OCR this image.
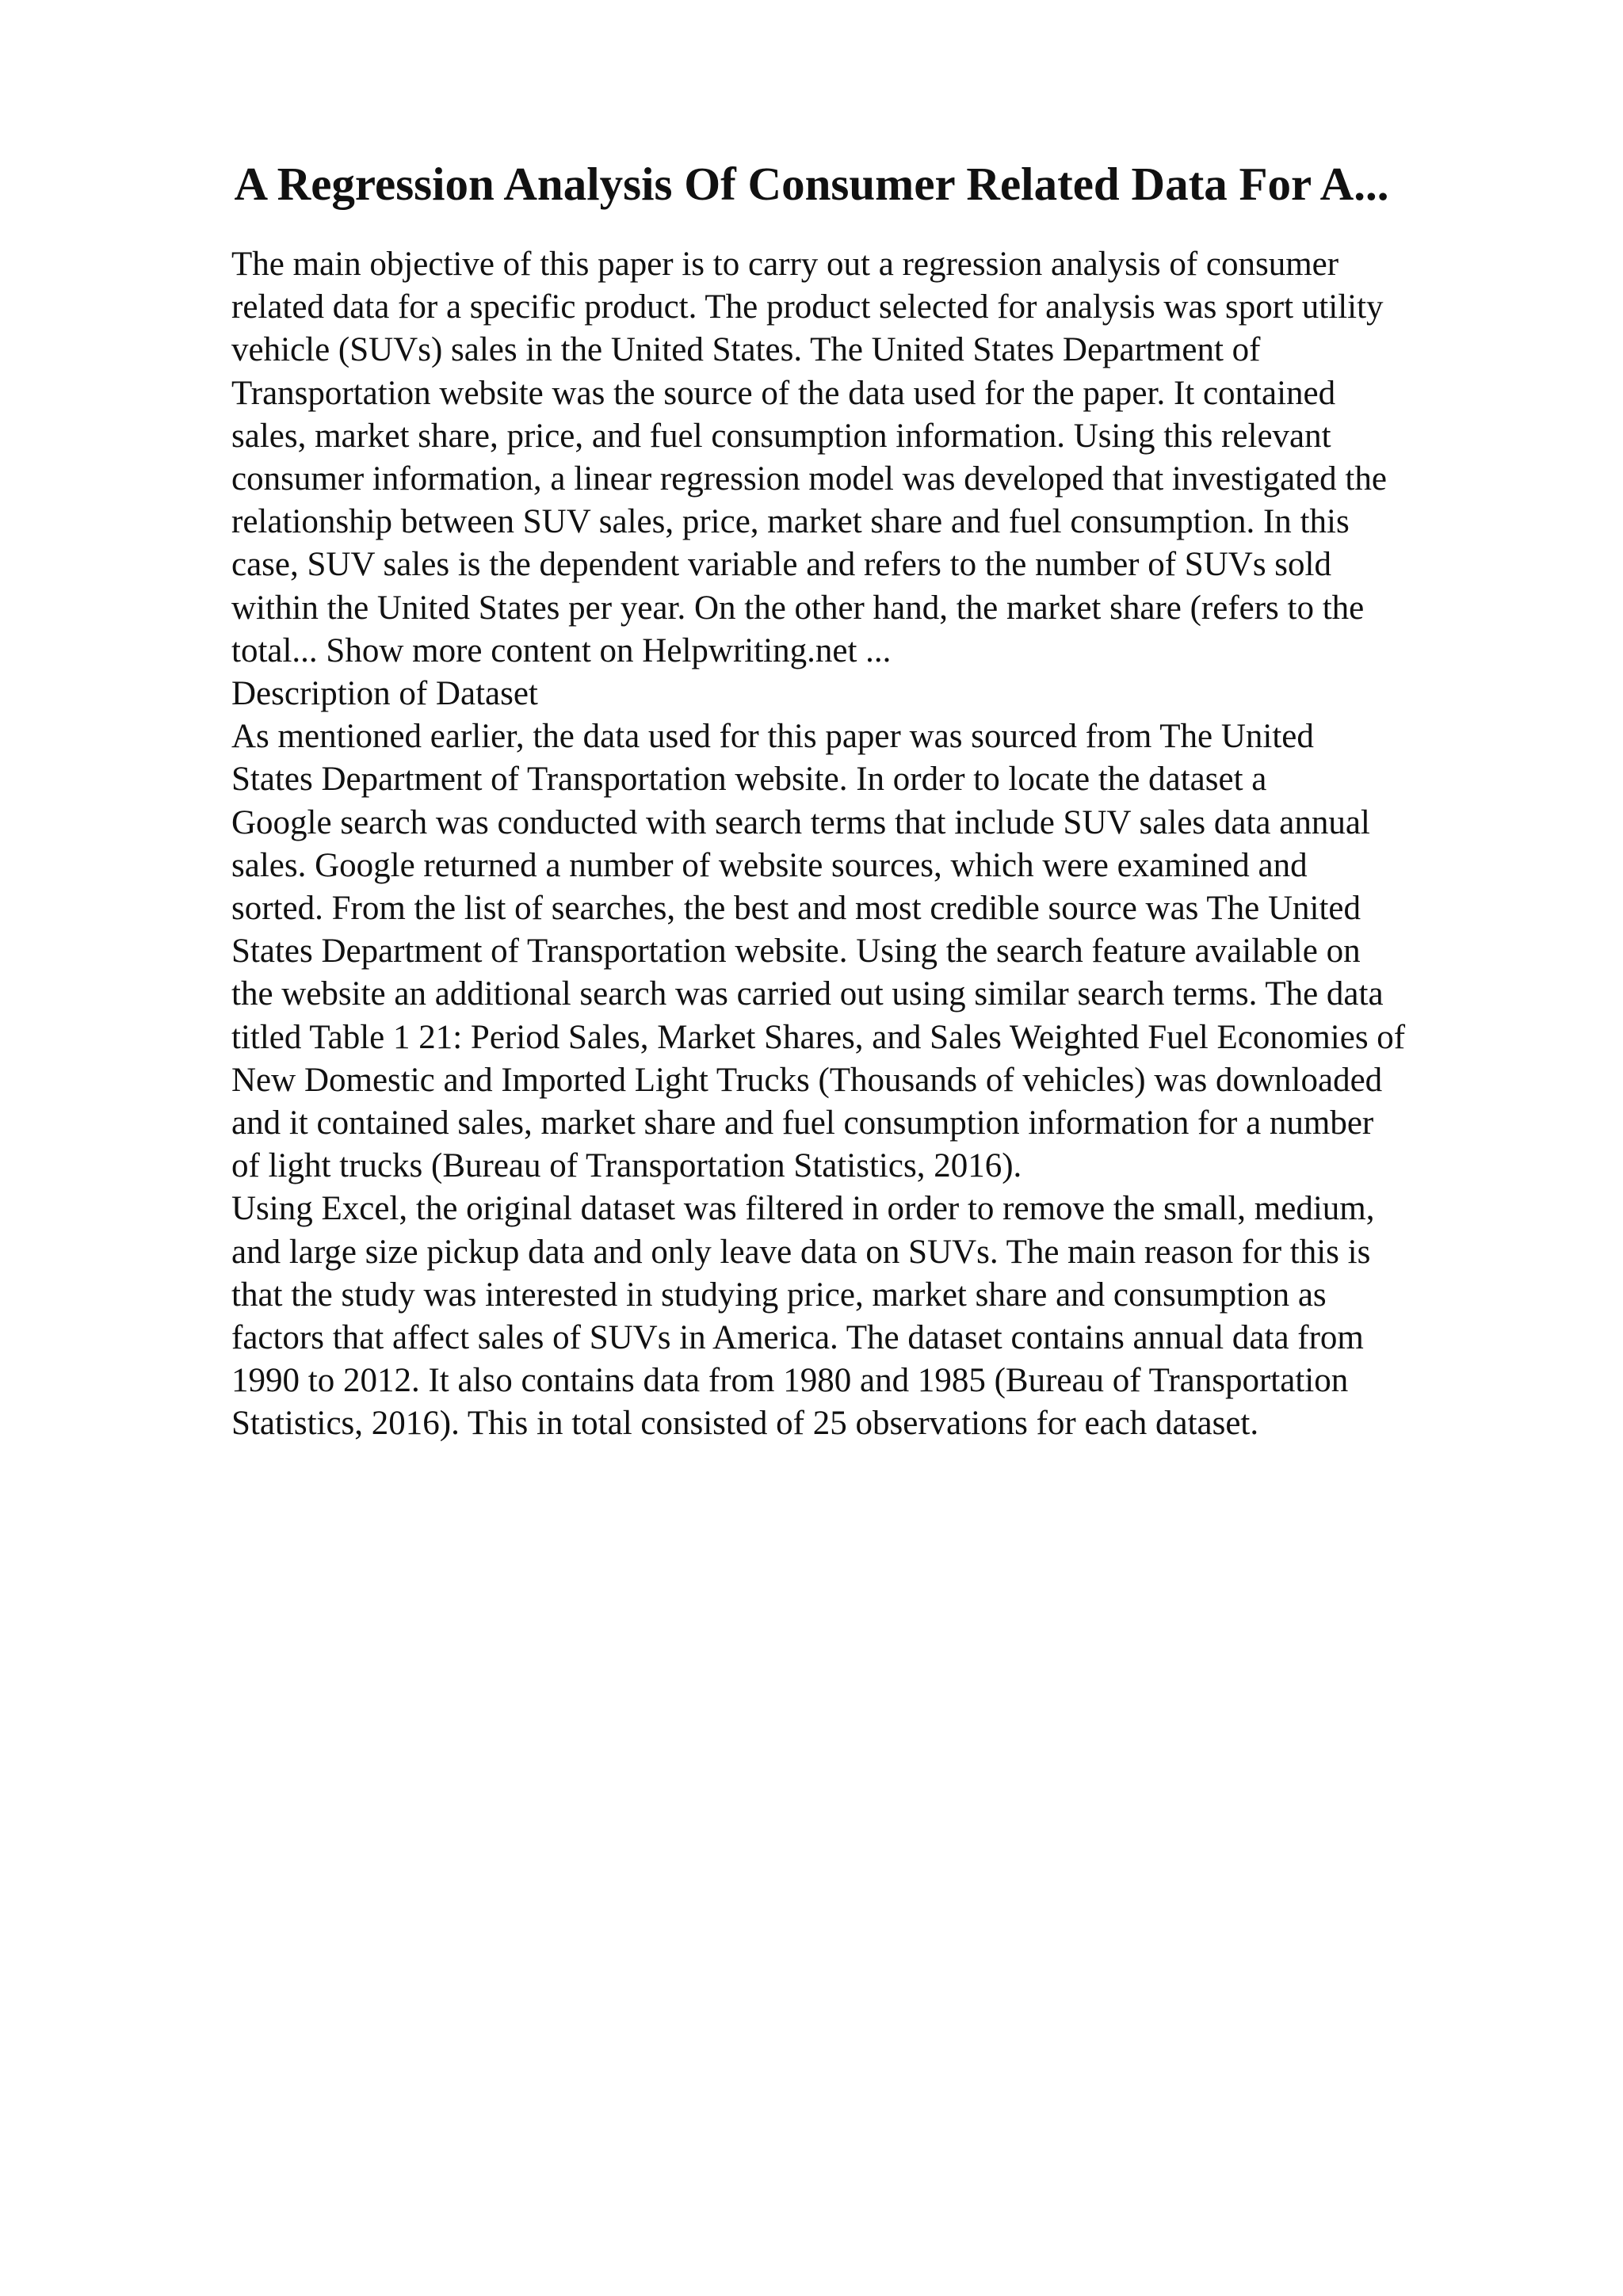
A Regression Analysis Of Consumer Related Data For A...
The main objective of this paper is to carry out a regression analysis of consumer
related data for a specific product. The product selected for analysis was sport utility
vehicle (SUVs) sales in the United States. The United States Department of
Transportation website was the source of the data used for the paper. It contained
sales, market share, price, and fuel consumption information. Using this relevant
consumer information, a linear regression model was developed that investigated the
relationship between SUV sales, price, market share and fuel consumption. In this
case, SUV sales is the dependent variable and refers to the number of SUVs sold
within the United States per year. On the other hand, the market share (refers to the
total... Show more content on Helpwriting.net ...
Description of Dataset
As mentioned earlier, the data used for this paper was sourced from The United
States Department of Transportation website. In order to locate the dataset a
Google search was conducted with search terms that include SUV sales data annual
sales. Google returned a number of website sources, which were examined and
sorted. From the list of searches, the best and most credible source was The United
States Department of Transportation website. Using the search feature available on
the website an additional search was carried out using similar search terms. The data
titled Table 1 21: Period Sales, Market Shares, and Sales Weighted Fuel Economies of
New Domestic and Imported Light Trucks (Thousands of vehicles) was downloaded
and it contained sales, market share and fuel consumption information for a number
of light trucks (Bureau of Transportation Statistics, 2016).
Using Excel, the original dataset was filtered in order to remove the small, medium,
and large size pickup data and only leave data on SUVs. The main reason for this is
that the study was interested in studying price, market share and consumption as
factors that affect sales of SUVs in America. The dataset contains annual data from
1990 to 2012. It also contains data from 1980 and 1985 (Bureau of Transportation
Statistics, 2016). This in total consisted of 25 observations for each dataset.
